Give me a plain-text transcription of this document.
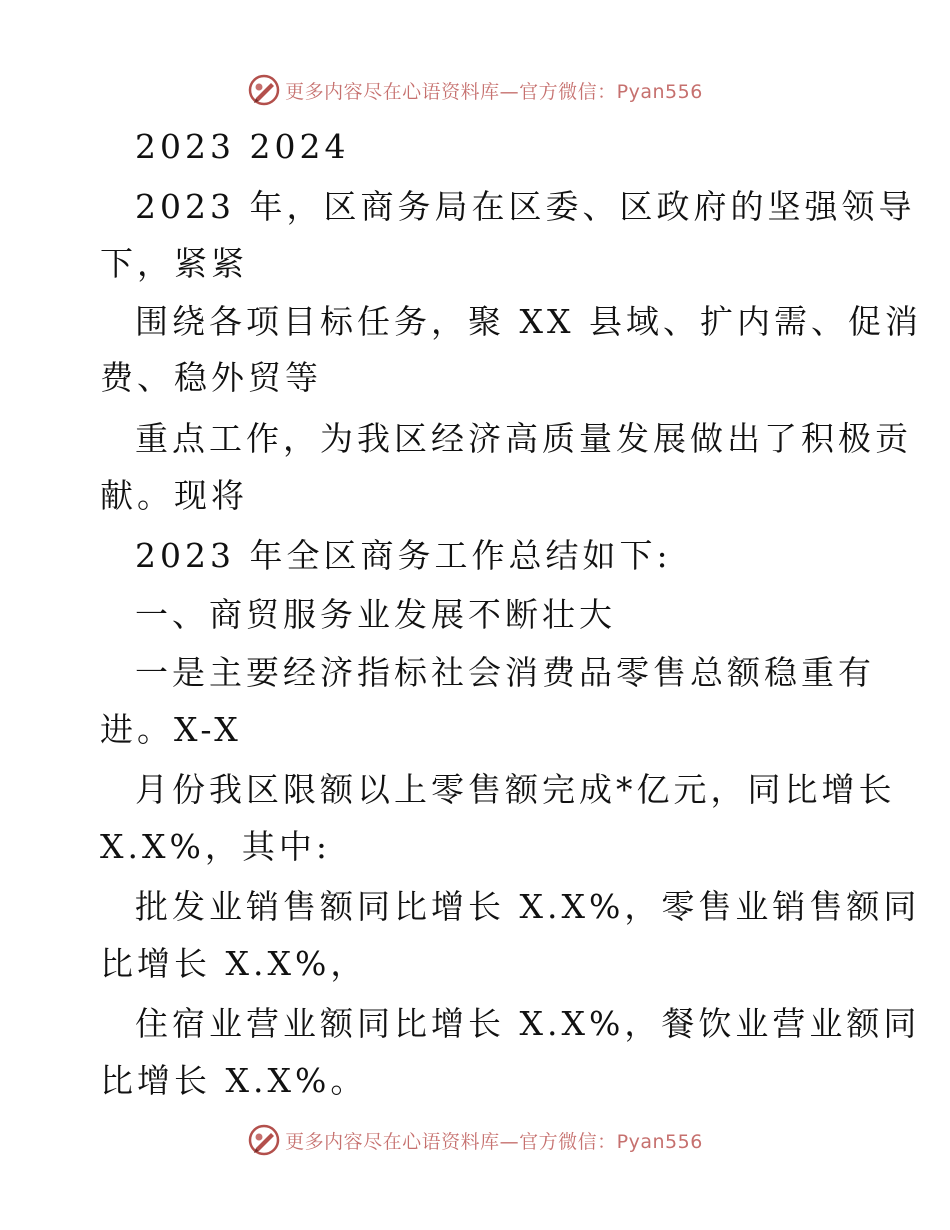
更多内容尽在心语资料库—官方微信：Pyan556
2023 2024
2023 年，区商务局在区委、区政府的坚强领导
下，紧紧
围绕各项目标任务，聚 XX 县域、扩内需、促消
费、稳外贸等
重点工作，为我区经济高质量发展做出了积极贡
献。现将
2023 年全区商务工作总结如下:
一、商贸服务业发展不断壮大
一是主要经济指标社会消费品零售总额稳重有
进。X-X
月份我区限额以上零售额完成*亿元，同比增长
X.X%，其中:
批发业销售额同比增长 X.X%，零售业销售额同
比增长 X.X%，
住宿业营业额同比增长 X.X%，餐饮业营业额同
比增长 X.X%。
更多内容尽在心语资料库—官方微信：Pyan556
